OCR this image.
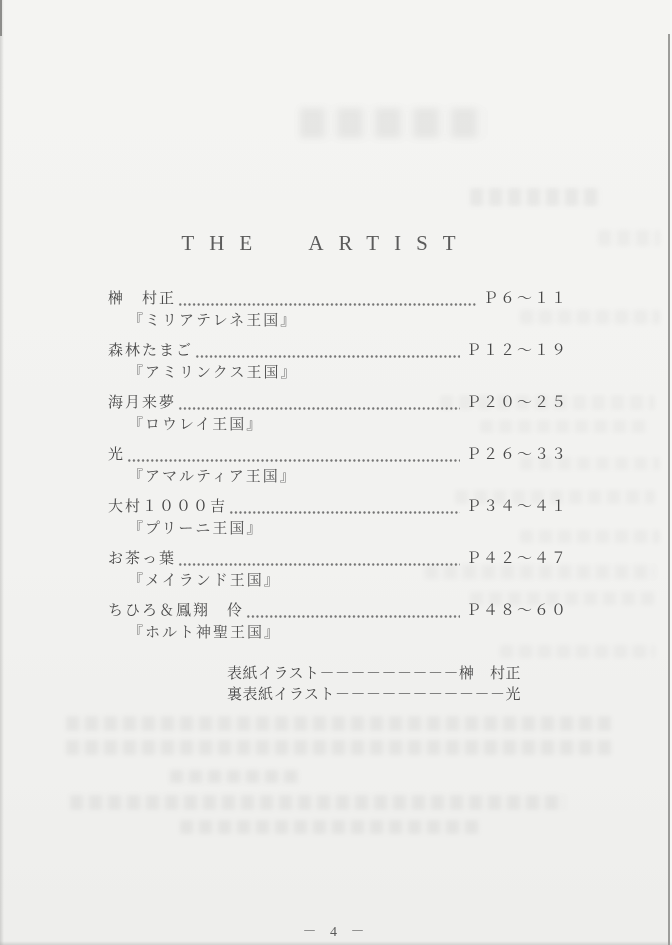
THE ARTIST
榊　村正	Ｐ６～１１
『ミリアテレネ王国』
森林たまご	Ｐ１２～１９
『アミリンクス王国』
海月来夢	Ｐ２０～２５
『ロウレイ王国』
光	Ｐ２６～３３
『アマルティア王国』
大村１０００吉	Ｐ３４～４１
『プリーニ王国』
お茶っ葉	Ｐ４２～４７
『メイランド王国』
ちひろ＆鳳翔　伶	Ｐ４８～６０
『ホルト神聖王国』
表紙イラスト－－－－－－－－－榊　村正
裏表紙イラスト－－－－－－－－－－－光
－ 4 －
